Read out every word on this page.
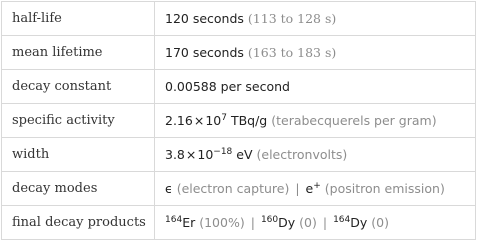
half-life	120 seconds (113 to 128 s)
mean lifetime	170 seconds (163 to 183 s)
decay constant	0.00588 per second
specific activity	$2.16\times 10^7$ TBq/g (terabecquerels per gram)
width	$3.8\times 10^{-18}$ eV (electronvolts)
decay modes	ϵ (electron capture) | e+ (positron emission)
final decay products	$^{164}$Er (100%) | $^{160}$Dy (0) | $^{164}$Dy (0)
